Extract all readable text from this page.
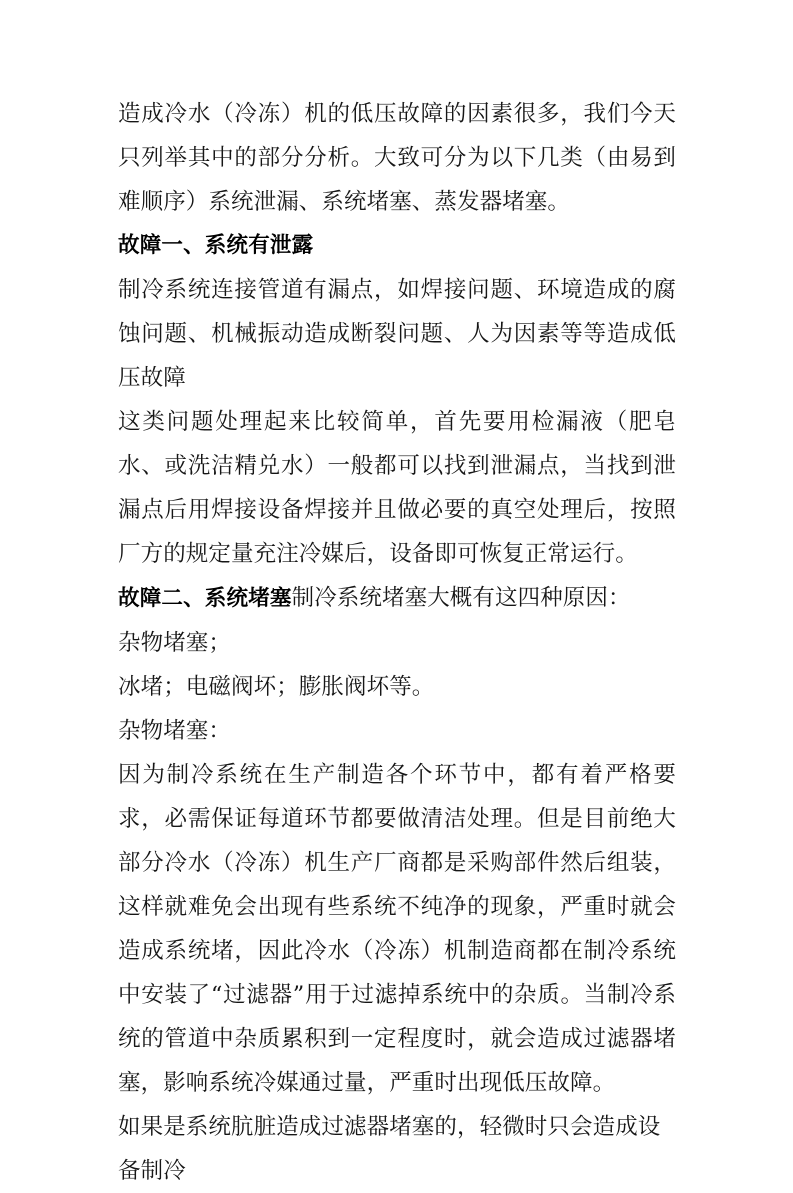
造成冷水（冷冻）机的低压故障的因素很多，我们今天只列举其中的部分分析。大致可分为以下几类（由易到难顺序）系统泄漏、系统堵塞、蒸发器堵塞。

故障一、系统有泄露

制冷系统连接管道有漏点，如焊接问题、环境造成的腐蚀问题、机械振动造成断裂问题、人为因素等等造成低压故障

这类问题处理起来比较简单，首先要用检漏液（肥皂水、或洗洁精兑水）一般都可以找到泄漏点，当找到泄漏点后用焊接设备焊接并且做必要的真空处理后，按照厂方的规定量充注冷媒后，设备即可恢复正常运行。

故障二、系统堵塞制冷系统堵塞大概有这四种原因：

杂物堵塞；

冰堵；电磁阀坏；膨胀阀坏等。

杂物堵塞：

因为制冷系统在生产制造各个环节中，都有着严格要求，必需保证每道环节都要做清洁处理。但是目前绝大部分冷水（冷冻）机生产厂商都是采购部件然后组装，这样就难免会出现有些系统不纯净的现象，严重时就会造成系统堵，因此冷水（冷冻）机制造商都在制冷系统中安装了“过滤器”用于过滤掉系统中的杂质。当制冷系统的管道中杂质累积到一定程度时，就会造成过滤器堵塞，影响系统冷媒通过量，严重时出现低压故障。

如果是系统肮脏造成过滤器堵塞的，轻微时只会造成设备制冷
